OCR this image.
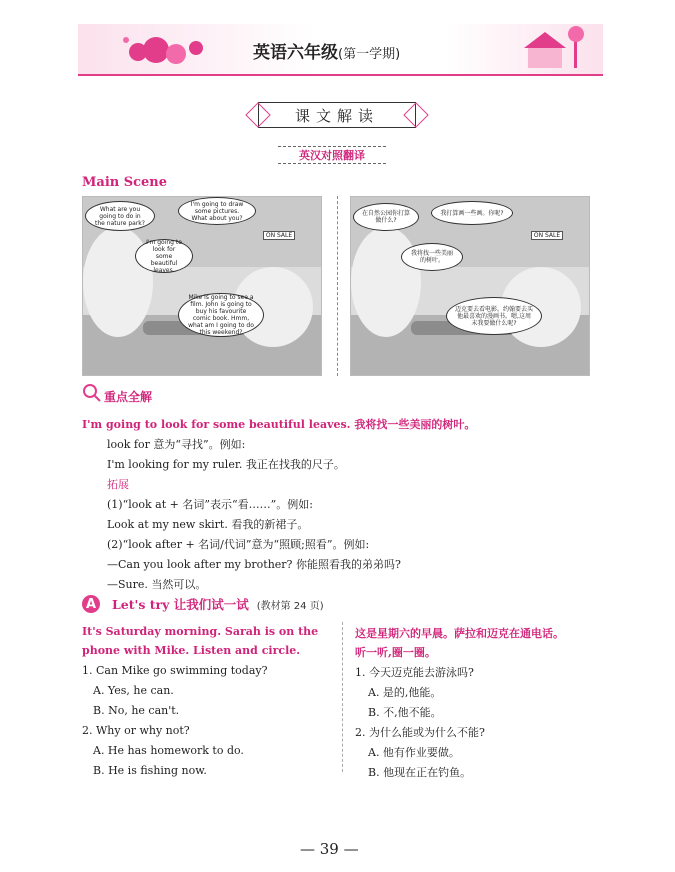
英语六年级(第一学期)
课文解读
英汉对照翻译
Main Scene
What are you going to do in the nature park?
I'm going to draw some pictures. What about you?
I'm going to look for some beautiful leaves.
Mike is going to see a film. John is going to buy his favourite comic book. Hmm, what am I going to do this weekend?
ON SALE
在自然公园你打算做什么?
我打算画一些画。你呢?
我将找一些美丽的树叶。
迈克要去看电影。约翰要去买他最喜欢的漫画书。嗯,这周末我要做什么呢?
ON SALE
重点全解
I'm going to look for some beautiful leaves. 我将找一些美丽的树叶。
look for 意为“寻找”。例如:
I'm looking for my ruler. 我正在找我的尺子。
拓展
(1)“look at + 名词”表示“看……”。例如:
Look at my new skirt. 看我的新裙子。
(2)“look after + 名词/代词”意为“照顾;照看”。例如:
—Can you look after my brother? 你能照看我的弟弟吗?
—Sure. 当然可以。
A	Let's try 让我们试一试 (教材第 24 页)
It's Saturday morning. Sarah is on the
phone with Mike. Listen and circle.
1. Can Mike go swimming today?
A. Yes, he can.
B. No, he can't.
2. Why or why not?
A. He has homework to do.
B. He is fishing now.
这是星期六的早晨。萨拉和迈克在通电话。
听一听,圈一圈。
1. 今天迈克能去游泳吗?
A. 是的,他能。
B. 不,他不能。
2. 为什么能或为什么不能?
A. 他有作业要做。
B. 他现在正在钓鱼。
— 39 —
